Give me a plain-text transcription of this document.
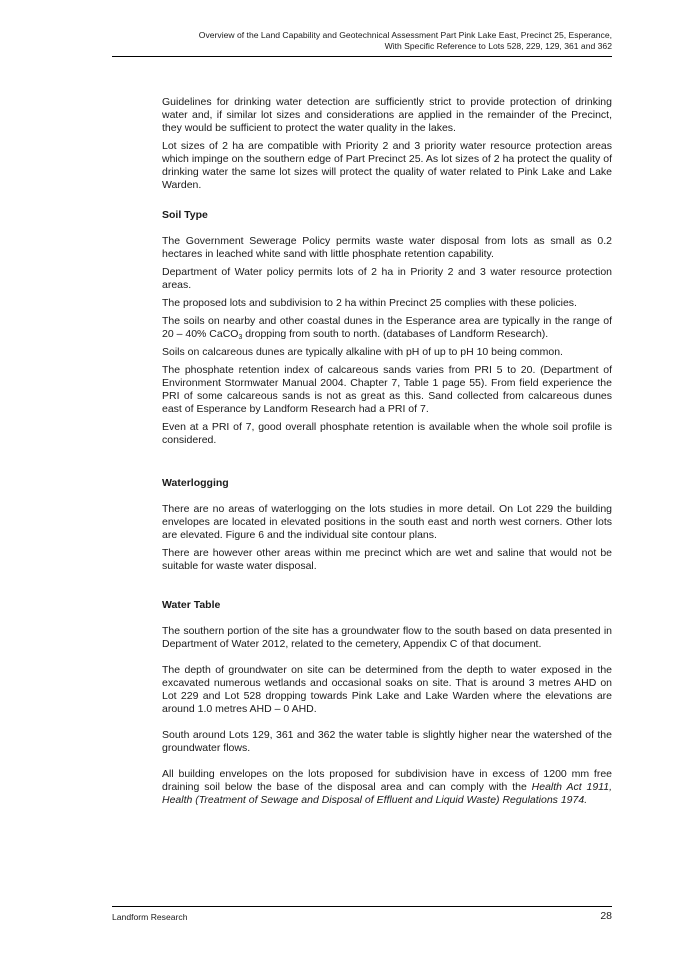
Overview of the Land Capability and Geotechnical Assessment Part Pink Lake East, Precinct 25, Esperance,
With Specific Reference to Lots 528, 229, 129, 361 and 362

Guidelines for drinking water detection are sufficiently strict to provide protection of drinking water and, if similar lot sizes and considerations are applied in the remainder of the Precinct, they would be sufficient to protect the water quality in the lakes.

Lot sizes of 2 ha are compatible with Priority 2 and 3 priority water resource protection areas which impinge on the southern edge of Part Precinct 25. As lot sizes of 2 ha protect the quality of drinking water the same lot sizes will protect the quality of water related to Pink Lake and Lake Warden.

Soil Type

The Government Sewerage Policy permits waste water disposal from lots as small as 0.2 hectares in leached white sand with little phosphate retention capability.

Department of Water policy permits lots of 2 ha in Priority 2 and 3 water resource protection areas.

The proposed lots and subdivision to 2 ha within Precinct 25 complies with these policies.

The soils on nearby and other coastal dunes in the Esperance area are typically in the range of 20 – 40% CaCO$_3$ dropping from south to north. (databases of Landform Research).

Soils on calcareous dunes are typically alkaline with pH of up to pH 10 being common.

The phosphate retention index of calcareous sands varies from PRI 5 to 20. (Department of Environment Stormwater Manual 2004. Chapter 7, Table 1 page 55). From field experience the PRI of some calcareous sands is not as great as this. Sand collected from calcareous dunes east of Esperance by Landform Research had a PRI of 7.

Even at a PRI of 7, good overall phosphate retention is available when the whole soil profile is considered.

Waterlogging

There are no areas of waterlogging on the lots studies in more detail. On Lot 229 the building envelopes are located in elevated positions in the south east and north west corners. Other lots are elevated. Figure 6 and the individual site contour plans.

There are however other areas within me precinct which are wet and saline that would not be suitable for waste water disposal.

Water Table

The southern portion of the site has a groundwater flow to the south based on data presented in Department of Water 2012, related to the cemetery, Appendix C of that document.

The depth of groundwater on site can be determined from the depth to water exposed in the excavated numerous wetlands and occasional soaks on site. That is around 3 metres AHD on Lot 229 and Lot 528 dropping towards Pink Lake and Lake Warden where the elevations are around 1.0 metres AHD – 0 AHD.

South around Lots 129, 361 and 362 the water table is slightly higher near the watershed of the groundwater flows.

All building envelopes on the lots proposed for subdivision have in excess of 1200 mm free draining soil below the base of the disposal area and can comply with the Health Act 1911, Health (Treatment of Sewage and Disposal of Effluent and Liquid Waste) Regulations 1974.

Landform Research	28
